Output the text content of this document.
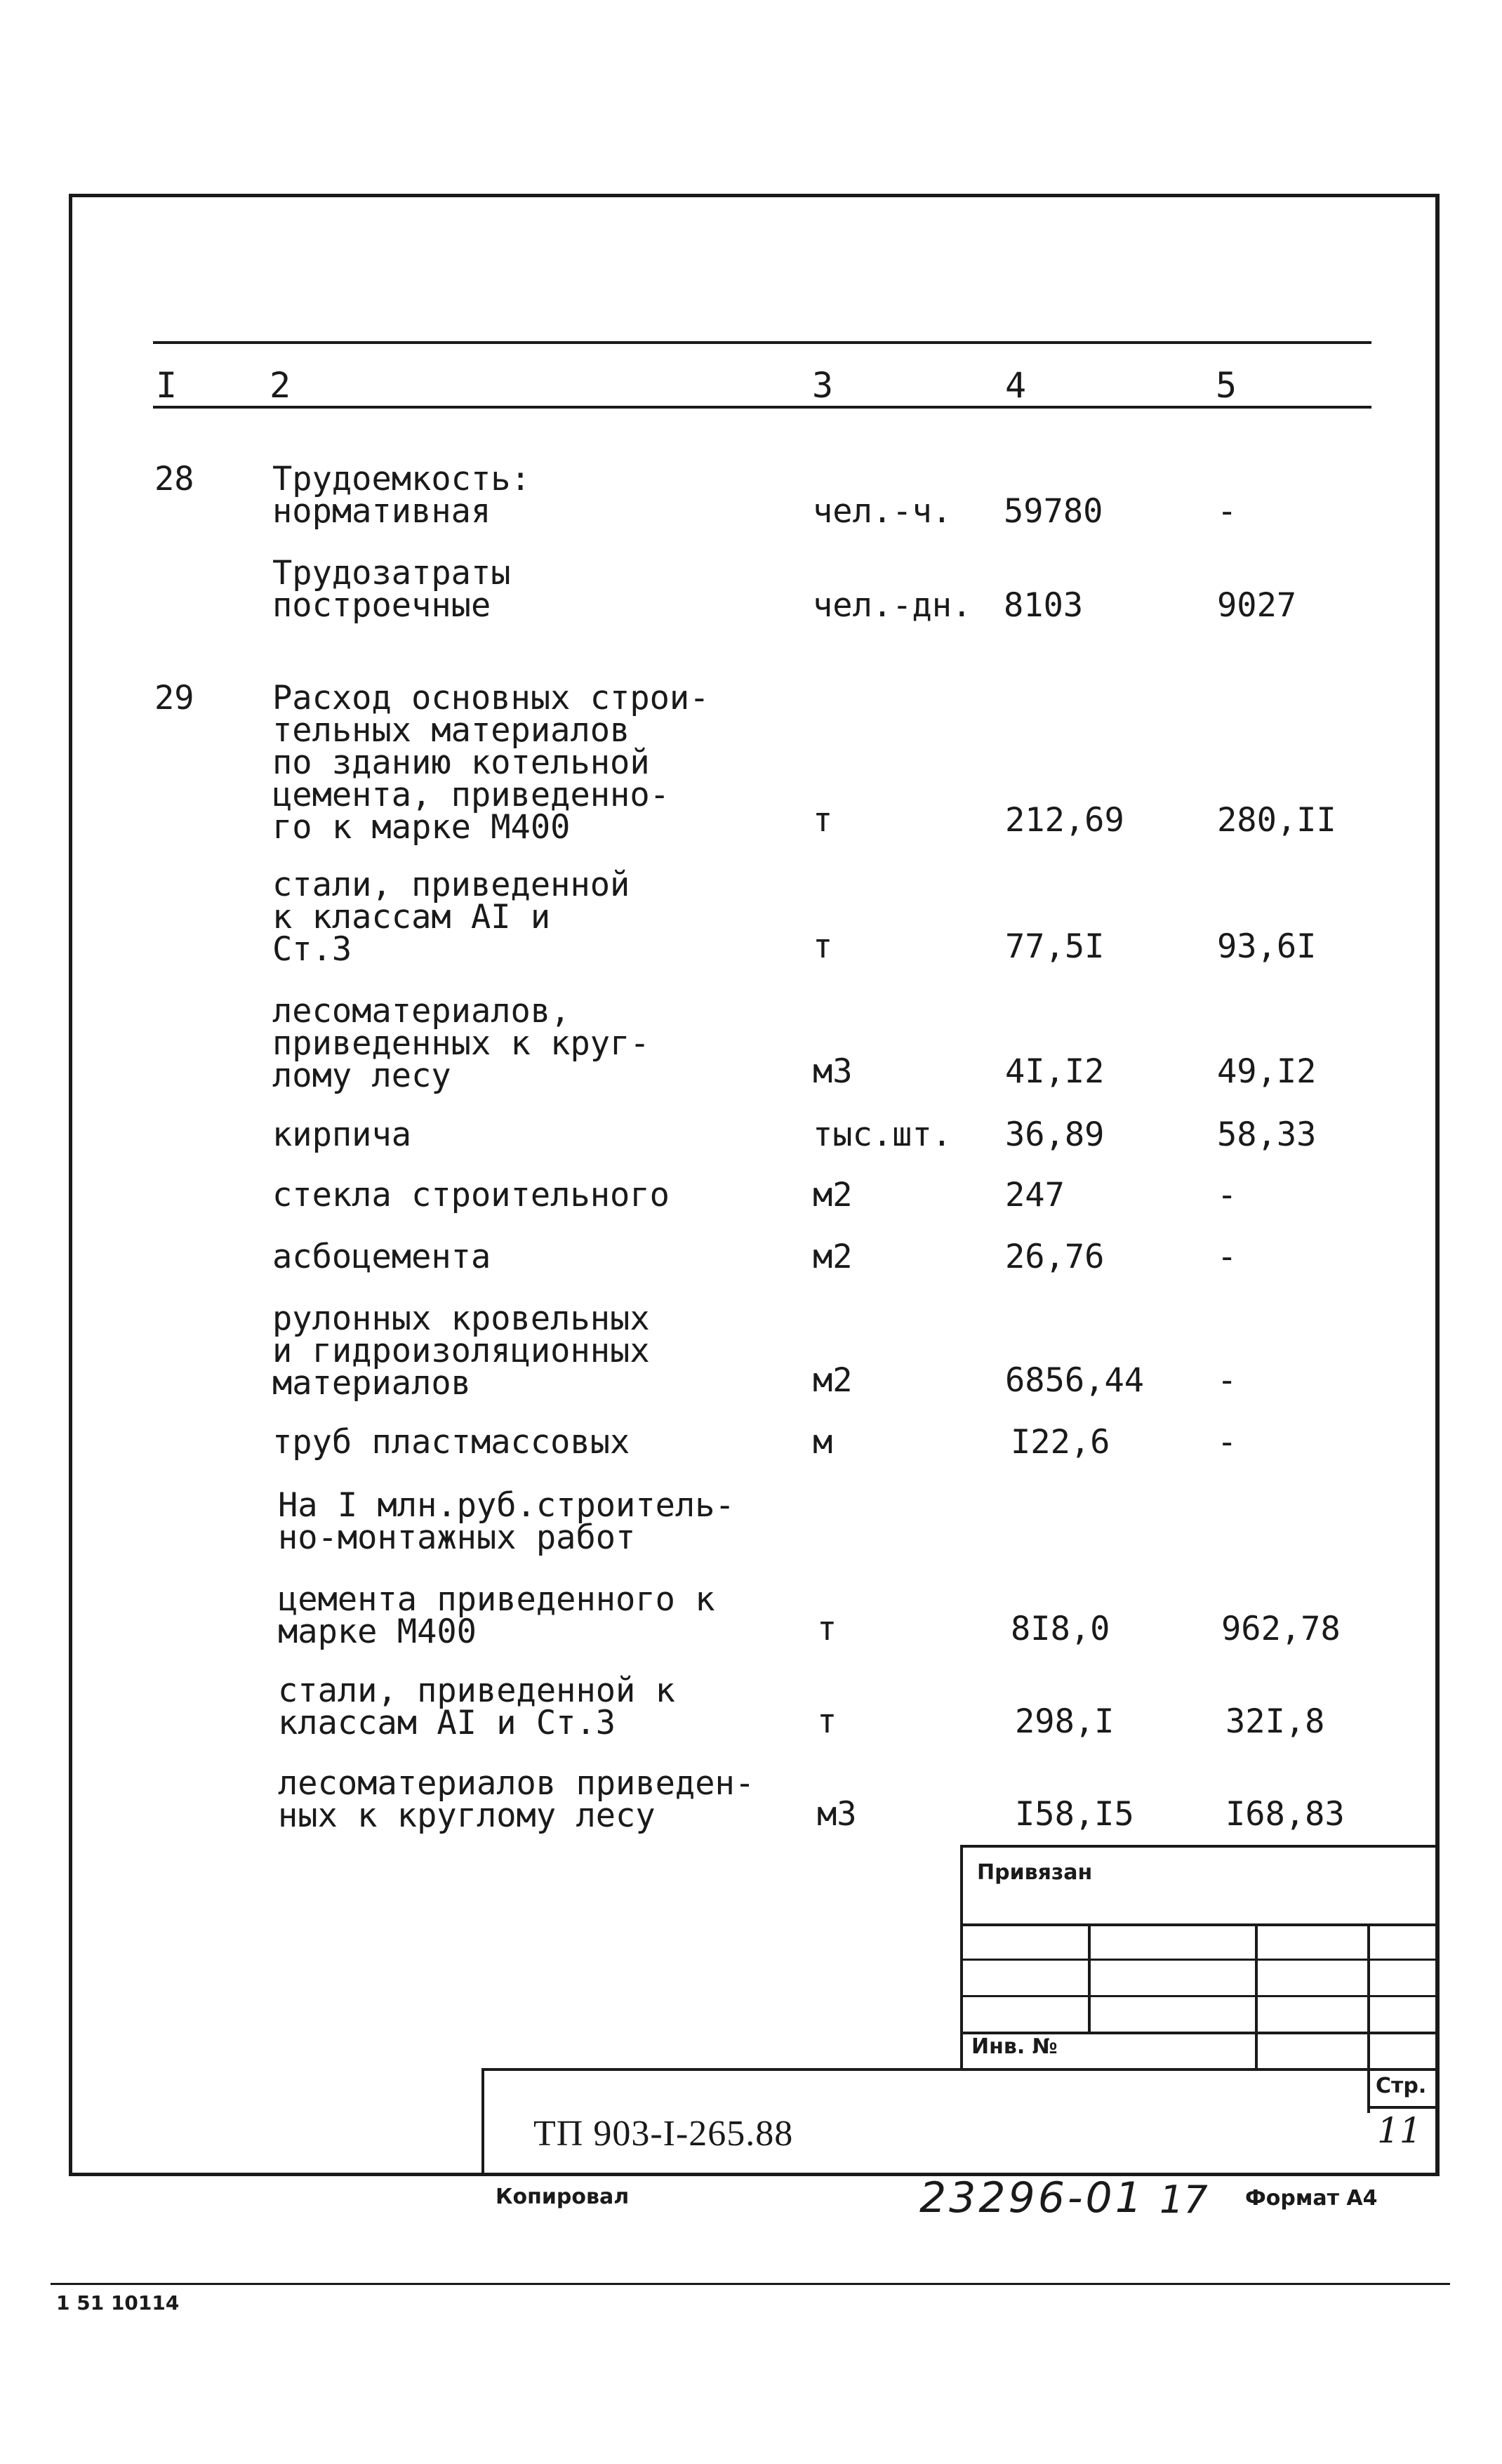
I	2	3	4	5
28 Трудоемкость:
нормативная	чел.-ч. 59780	-
Трудозатраты
построечные	чел.-дн. 8103	9027
29 Расход основных строи-
тельных материалов
по зданию котельной
цемента, приведенно-
го к марке М400	т	212,69	280,II
стали, приведенной
к классам AI и
Ст.3	т	77,5I	93,6I
лесоматериалов,
приведенных к круг-
лому лесу	м3	4I,I2	49,I2
кирпича	тыс.шт. 36,89	58,33
стекла строительного	м2	247	-
асбоцемента	м2	26,76	-
рулонных кровельных
и гидроизоляционных
материалов	м2	6856,44 -
труб пластмассовых	м	I22,6	-
На I млн.руб.строитель-
но-монтажных работ
цемента приведенного к
марке М400	т	8I8,0	962,78
стали, приведенной к
классам AI и Ст.3	т	298,I	32I,8
лесоматериалов приведен-
ных к круглому лесу	м3	I58,I5	I68,83
Привязан
Инв. №
Стр.
11
ТП 903-I-265.88
Копировал	23296-01 17 Формат А4
1 51 10114
